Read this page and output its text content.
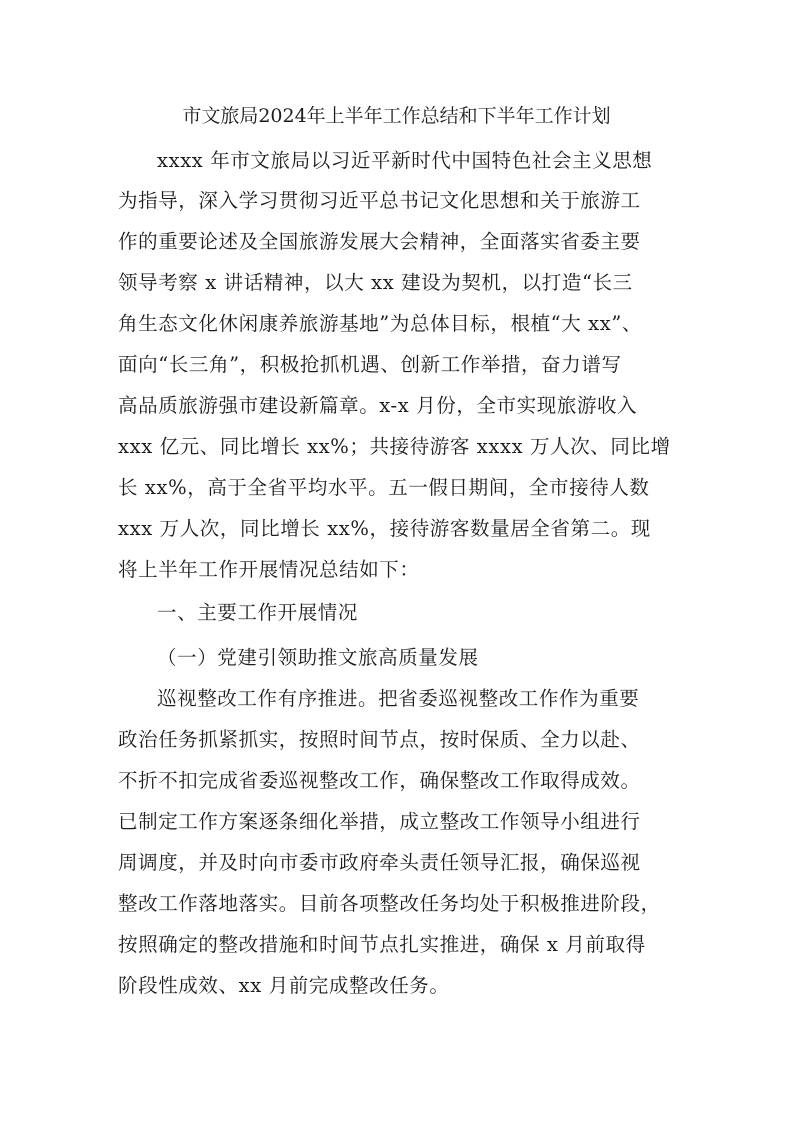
市文旅局2024年上半年工作总结和下半年工作计划
xxxx 年市文旅局以习近平新时代中国特色社会主义思想
为指导，深入学习贯彻习近平总书记文化思想和关于旅游工
作的重要论述及全国旅游发展大会精神，全面落实省委主要
领导考察 x 讲话精神，以大 xx 建设为契机，以打造“长三
角生态文化休闲康养旅游基地”为总体目标，根植“大 xx”、
面向“长三角”，积极抢抓机遇、创新工作举措，奋力谱写
高品质旅游强市建设新篇章。x-x 月份，全市实现旅游收入
xxx 亿元、同比增长 xx%；共接待游客 xxxx 万人次、同比增
长 xx%，高于全省平均水平。五一假日期间，全市接待人数
xxx 万人次，同比增长 xx%，接待游客数量居全省第二。现
将上半年工作开展情况总结如下：
一、主要工作开展情况
（一）党建引领助推文旅高质量发展
巡视整改工作有序推进。把省委巡视整改工作作为重要
政治任务抓紧抓实，按照时间节点，按时保质、全力以赴、
不折不扣完成省委巡视整改工作，确保整改工作取得成效。
已制定工作方案逐条细化举措，成立整改工作领导小组进行
周调度，并及时向市委市政府牵头责任领导汇报，确保巡视
整改工作落地落实。目前各项整改任务均处于积极推进阶段，
按照确定的整改措施和时间节点扎实推进，确保 x 月前取得
阶段性成效、xx 月前完成整改任务。
